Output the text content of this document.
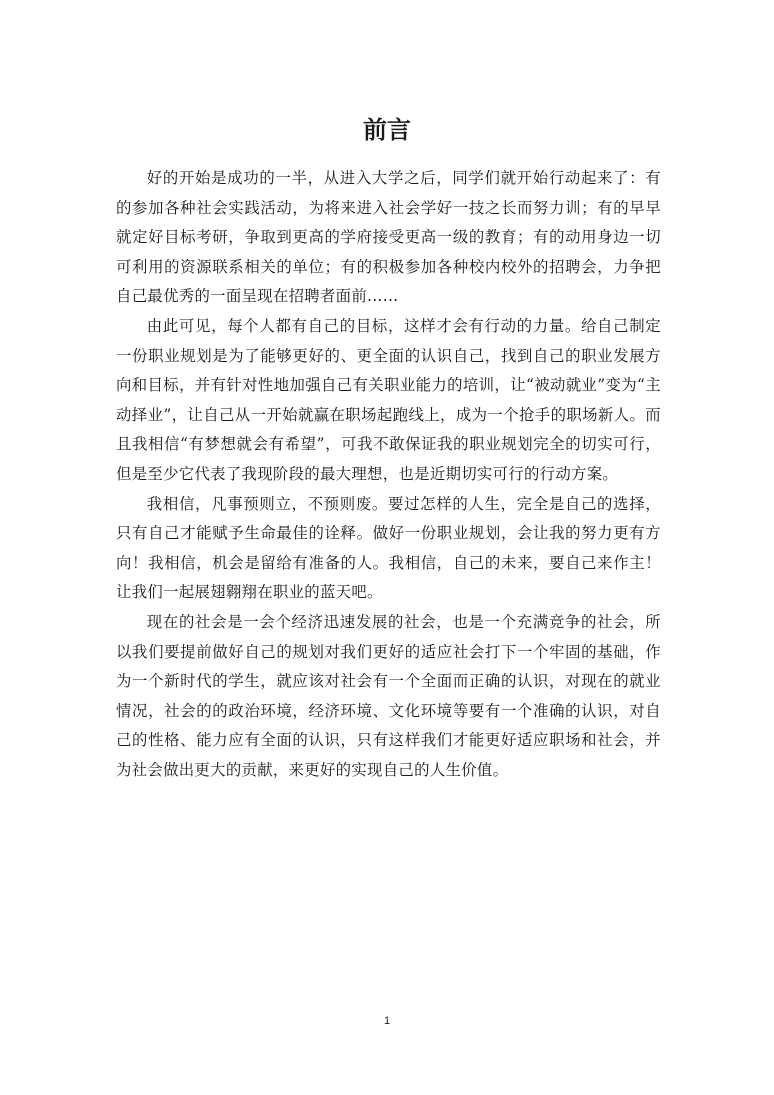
前言

好的开始是成功的一半，从进入大学之后，同学们就开始行动起来了：有的参加各种社会实践活动，为将来进入社会学好一技之长而努力训；有的早早就定好目标考研，争取到更高的学府接受更高一级的教育；有的动用身边一切可利用的资源联系相关的单位；有的积极参加各种校内校外的招聘会，力争把自己最优秀的一面呈现在招聘者面前……

由此可见，每个人都有自己的目标，这样才会有行动的力量。给自己制定一份职业规划是为了能够更好的、更全面的认识自己，找到自己的职业发展方向和目标，并有针对性地加强自己有关职业能力的培训，让“被动就业”变为“主动择业”，让自己从一开始就赢在职场起跑线上，成为一个抢手的职场新人。而且我相信“有梦想就会有希望”，可我不敢保证我的职业规划完全的切实可行，但是至少它代表了我现阶段的最大理想，也是近期切实可行的行动方案。

我相信，凡事预则立，不预则废。要过怎样的人生，完全是自己的选择，只有自己才能赋予生命最佳的诠释。做好一份职业规划，会让我的努力更有方向！我相信，机会是留给有准备的人。我相信，自己的未来，要自己来作主！让我们一起展翅翱翔在职业的蓝天吧。

现在的社会是一会个经济迅速发展的社会，也是一个充满竞争的社会，所以我们要提前做好自己的规划对我们更好的适应社会打下一个牢固的基础，作为一个新时代的学生，就应该对社会有一个全面而正确的认识，对现在的就业情况，社会的的政治环境，经济环境、文化环境等要有一个准确的认识，对自己的性格、能力应有全面的认识，只有这样我们才能更好适应职场和社会，并为社会做出更大的贡献，来更好的实现自己的人生价值。

1
